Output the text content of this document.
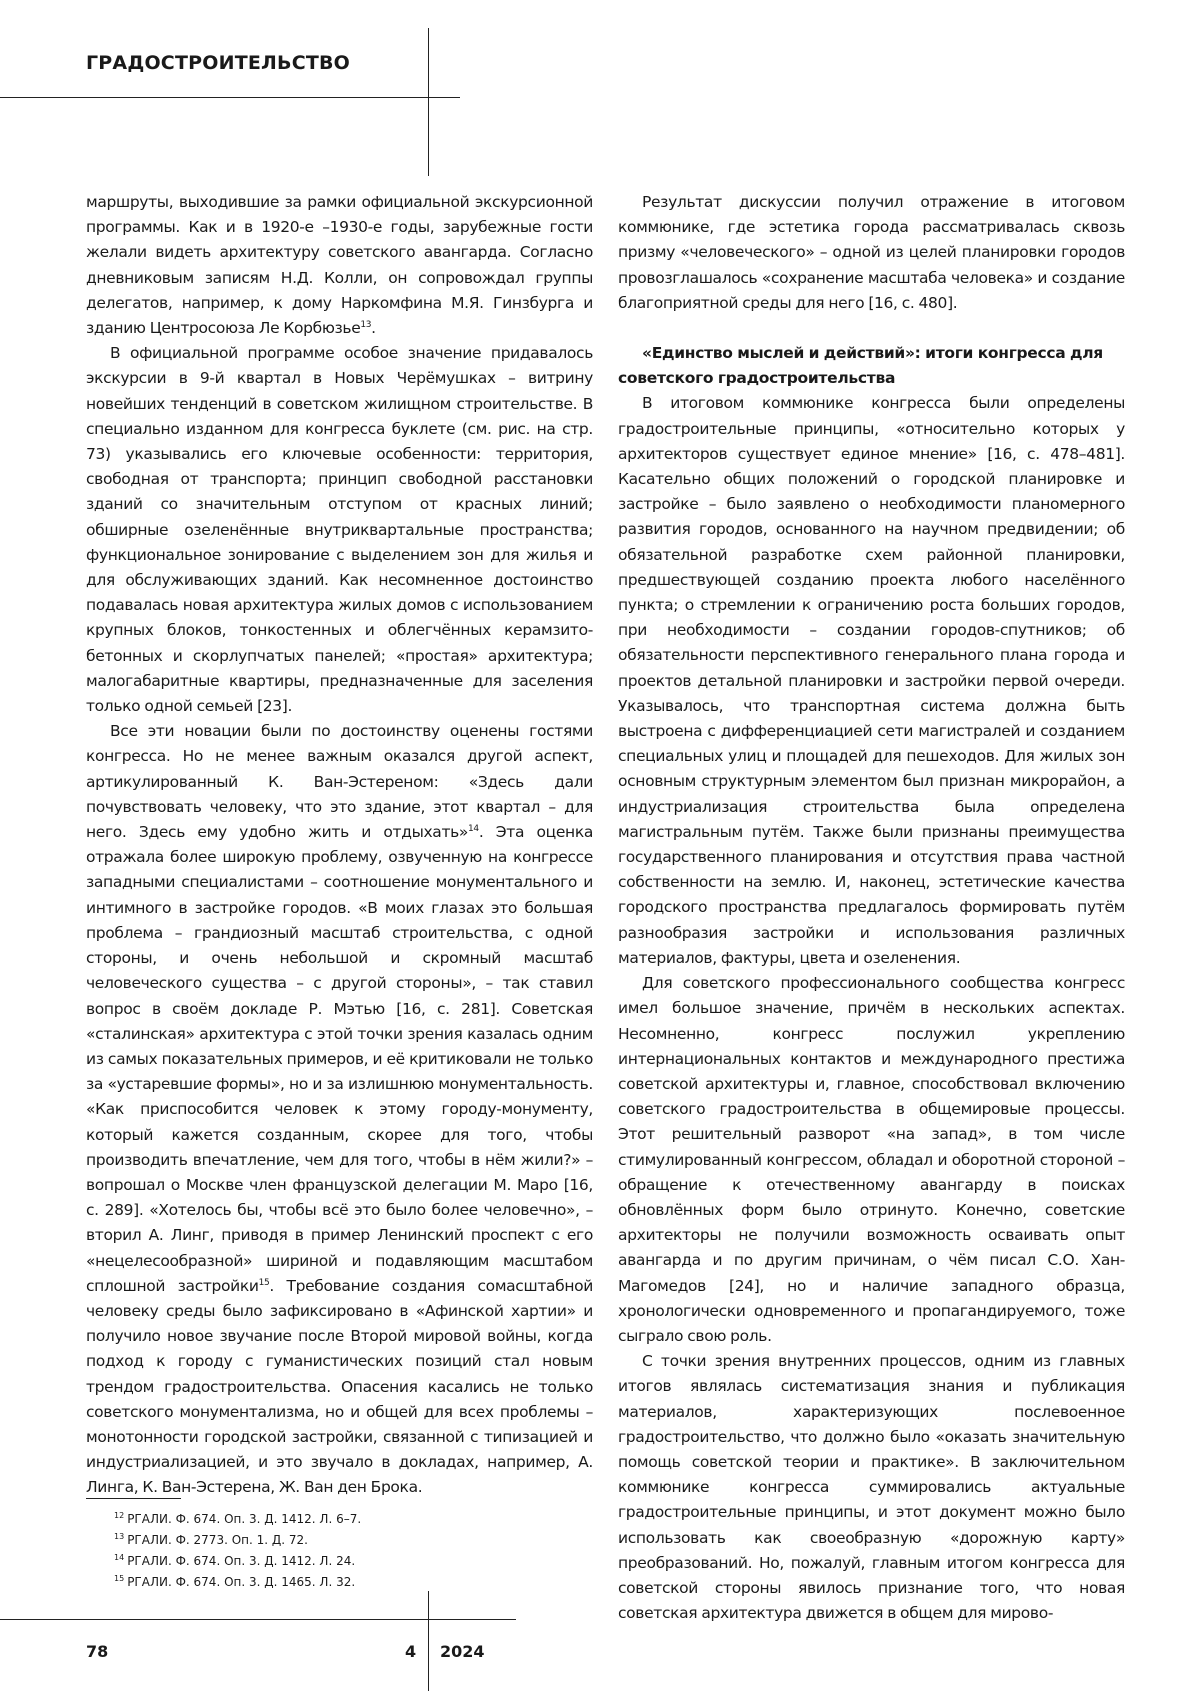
ГРАДОСТРОИТЕЛЬСТВО

маршруты, выходившие за рамки официальной экскурсионной программы. Как и в 1920-е –1930-е годы, зарубежные гости желали видеть архитектуру советского авангарда. Согласно дневниковым записям Н.Д. Колли, он сопровождал группы делегатов, например, к дому Наркомфина М.Я. Гинзбурга и зданию Центросоюза Ле Корбюзье$^{13}$.

В официальной программе особое значение придавалось экскурсии в 9-й квартал в Новых Черёмушках – витрину новейших тенденций в советском жилищном строительстве. В специально изданном для конгресса буклете (см. рис. на стр. 73) указывались его ключевые особенности: территория, свободная от транспорта; принцип свободной расстановки зданий со значительным отступом от красных линий; обширные озеленённые внутриквартальные пространства; функциональное зонирование с выделением зон для жилья и для обслуживающих зданий. Как несомненное достоинство подавалась новая архитектура жилых домов с использованием крупных блоков, тонкостенных и облегчённых керамзито-бетонных и скорлупчатых панелей; «простая» архитектура; малогабаритные квартиры, предназначенные для заселения только одной семьей [23].

Все эти новации были по достоинству оценены гостями конгресса. Но не менее важным оказался другой аспект, артикулированный К. Ван-Эстереном: «Здесь дали почувствовать человеку, что это здание, этот квартал – для него. Здесь ему удобно жить и отдыхать»$^{14}$. Эта оценка отражала более широкую проблему, озвученную на конгрессе западными специалистами – соотношение монументального и интимного в застройке городов. «В моих глазах это большая проблема – грандиозный масштаб строительства, с одной стороны, и очень небольшой и скромный масштаб человеческого существа – с другой стороны», – так ставил вопрос в своём докладе Р. Мэтью [16, с. 281]. Советская «сталинская» архитектура с этой точки зрения казалась одним из самых показательных примеров, и её критиковали не только за «устаревшие формы», но и за излишнюю монументальность. «Как приспособится человек к этому городу-монументу, который кажется созданным, скорее для того, чтобы производить впечатление, чем для того, чтобы в нём жили?» – вопрошал о Москве член французской делегации М. Маро [16, с. 289]. «Хотелось бы, чтобы всё это было более человечно», – вторил А. Линг, приводя в пример Ленинский проспект с его «нецелесообразной» шириной и подавляющим масштабом сплошной застройки$^{15}$. Требование создания сомасштабной человеку среды было зафиксировано в «Афинской хартии» и получило новое звучание после Второй мировой войны, когда подход к городу с гуманистических позиций стал новым трендом градостроительства. Опасения касались не только советского монументализма, но и общей для всех проблемы – монотонности городской застройки, связанной с типизацией и индустриализацией, и это звучало в докладах, например, А. Линга, К. Ван-Эстерена, Ж. Ван ден Брока.

Результат дискуссии получил отражение в итоговом коммюнике, где эстетика города рассматривалась сквозь призму «человеческого» – одной из целей планировки городов провозглашалось «сохранение масштаба человека» и создание благоприятной среды для него [16, с. 480].

«Единство мыслей и действий»: итоги конгресса для советского градостроительства

В итоговом коммюнике конгресса были определены градостроительные принципы, «относительно которых у архитекторов существует единое мнение» [16, с. 478–481]. Касательно общих положений о городской планировке и застройке – было заявлено о необходимости планомерного развития городов, основанного на научном предвидении; об обязательной разработке схем районной планировки, предшествующей созданию проекта любого населённого пункта; о стремлении к ограничению роста больших городов, при необходимости – создании городов-спутников; об обязательности перспективного генерального плана города и проектов детальной планировки и застройки первой очереди. Указывалось, что транспортная система должна быть выстроена с дифференциацией сети магистралей и созданием специальных улиц и площадей для пешеходов. Для жилых зон основным структурным элементом был признан микрорайон, а индустриализация строительства была определена магистральным путём. Также были признаны преимущества государственного планирования и отсутствия права частной собственности на землю. И, наконец, эстетические качества городского пространства предлагалось формировать путём разнообразия застройки и использования различных материалов, фактуры, цвета и озеленения.

Для советского профессионального сообщества конгресс имел большое значение, причём в нескольких аспектах. Несомненно, конгресс послужил укреплению интернациональных контактов и международного престижа советской архитектуры и, главное, способствовал включению советского градостроительства в общемировые процессы. Этот решительный разворот «на запад», в том числе стимулированный конгрессом, обладал и оборотной стороной – обращение к отечественному авангарду в поисках обновлённых форм было отринуто. Конечно, советские архитекторы не получили возможность осваивать опыт авангарда и по другим причинам, о чём писал С.О. Хан-Магомедов [24], но и наличие западного образца, хронологически одновременного и пропагандируемого, тоже сыграло свою роль.

С точки зрения внутренних процессов, одним из главных итогов являлась систематизация знания и публикация материалов, характеризующих послевоенное градостроительство, что должно было «оказать значительную помощь советской теории и практике». В заключительном коммюнике конгресса суммировались актуальные градостроительные принципы, и этот документ можно было использовать как своеобразную «дорожную карту» преобразований. Но, пожалуй, главным итогом конгресса для советской стороны явилось признание того, что новая советская архитектура движется в общем для мирово-

$^{12}$ РГАЛИ. Ф. 674. Оп. 3. Д. 1412. Л. 6–7.
$^{13}$ РГАЛИ. Ф. 2773. Оп. 1. Д. 72.
$^{14}$ РГАЛИ. Ф. 674. Оп. 3. Д. 1412. Л. 24.
$^{15}$ РГАЛИ. Ф. 674. Оп. 3. Д. 1465. Л. 32.
78	4 2024
